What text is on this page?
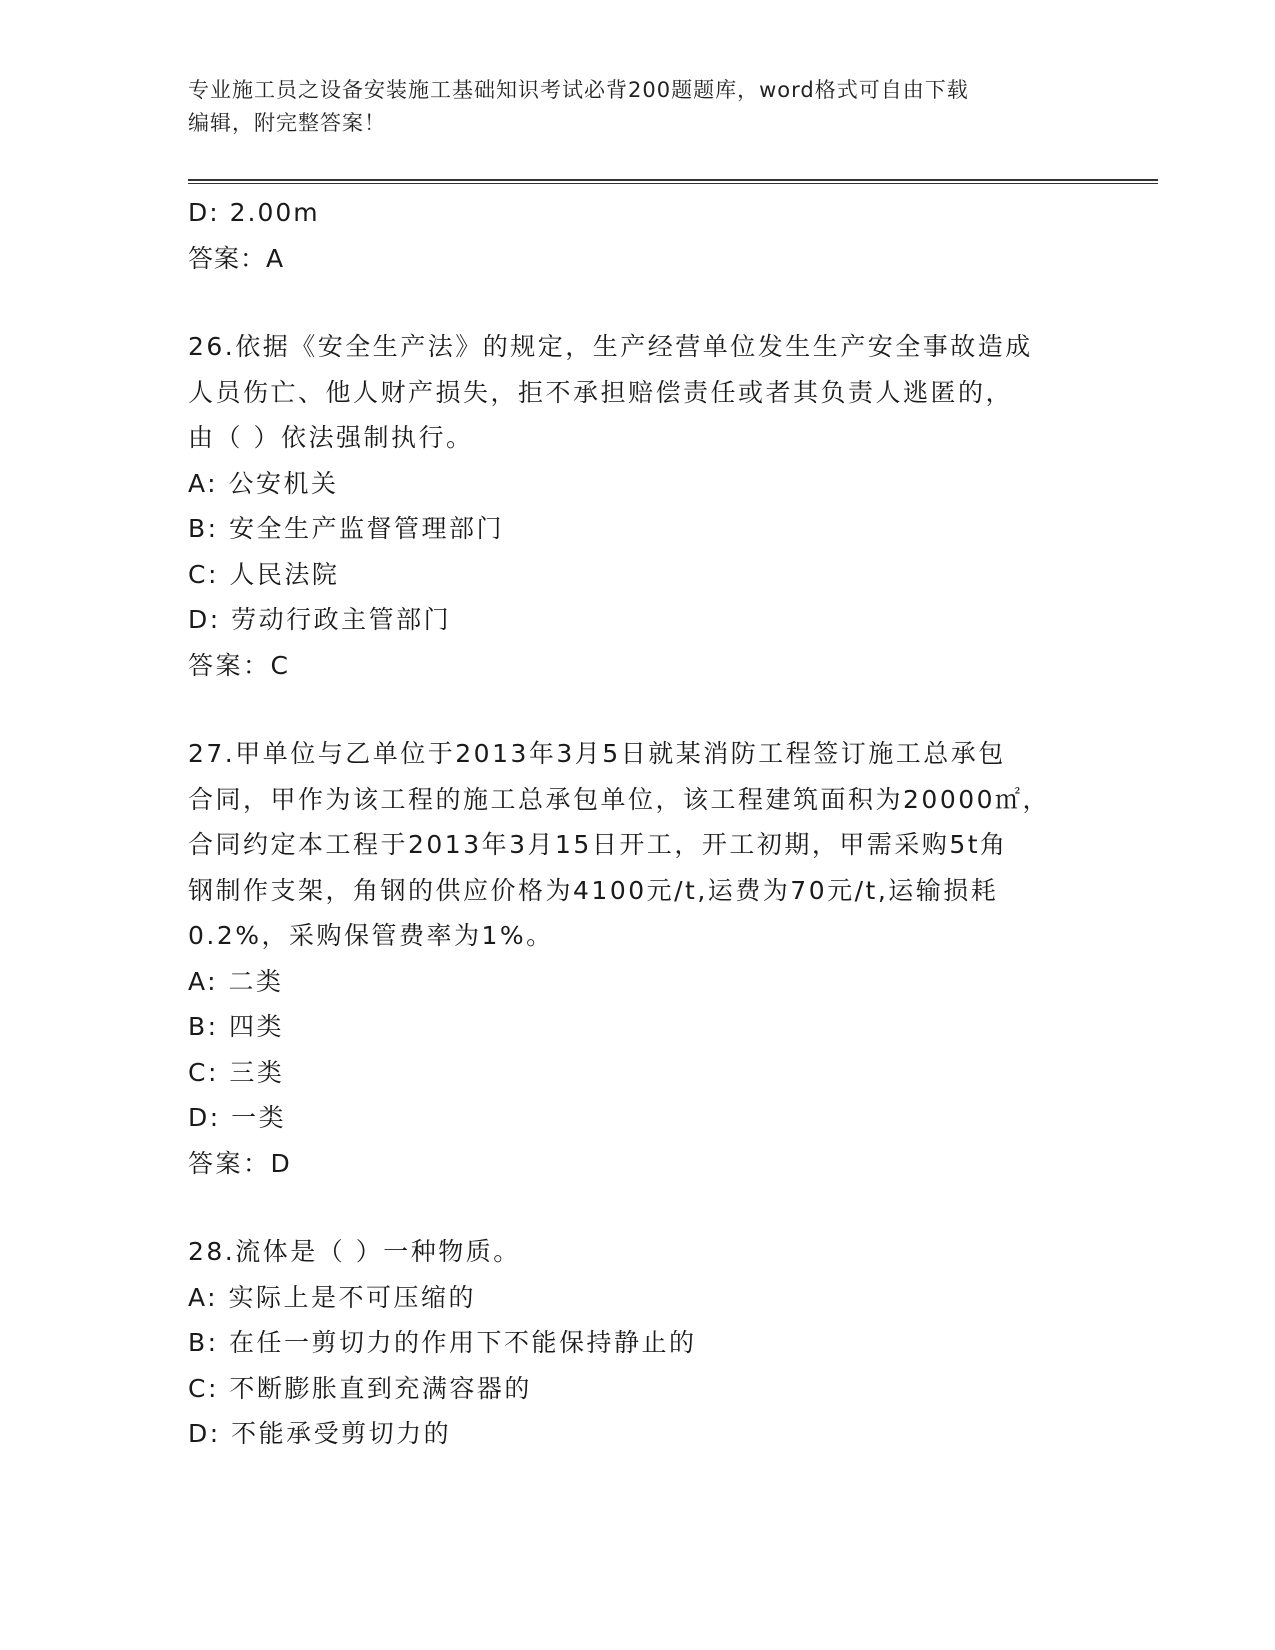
专业施工员之设备安装施工基础知识考试必背200题题库，word格式可自由下载
编辑，附完整答案！
D: 2.00m
答案：A
26.依据《安全生产法》的规定，生产经营单位发生生产安全事故造成
人员伤亡、他人财产损失，拒不承担赔偿责任或者其负责人逃匿的，
由（ ）依法强制执行。
A: 公安机关
B: 安全生产监督管理部门
C: 人民法院
D: 劳动行政主管部门
答案：C
27.甲单位与乙单位于2013年3月5日就某消防工程签订施工总承包
合同，甲作为该工程的施工总承包单位，该工程建筑面积为20000㎡，
合同约定本工程于2013年3月15日开工，开工初期，甲需采购5t角
钢制作支架，角钢的供应价格为4100元/t,运费为70元/t,运输损耗
0.2%，采购保管费率为1%。
A: 二类
B: 四类
C: 三类
D: 一类
答案：D
28.流体是（ ）一种物质。
A: 实际上是不可压缩的
B: 在任一剪切力的作用下不能保持静止的
C: 不断膨胀直到充满容器的
D: 不能承受剪切力的
